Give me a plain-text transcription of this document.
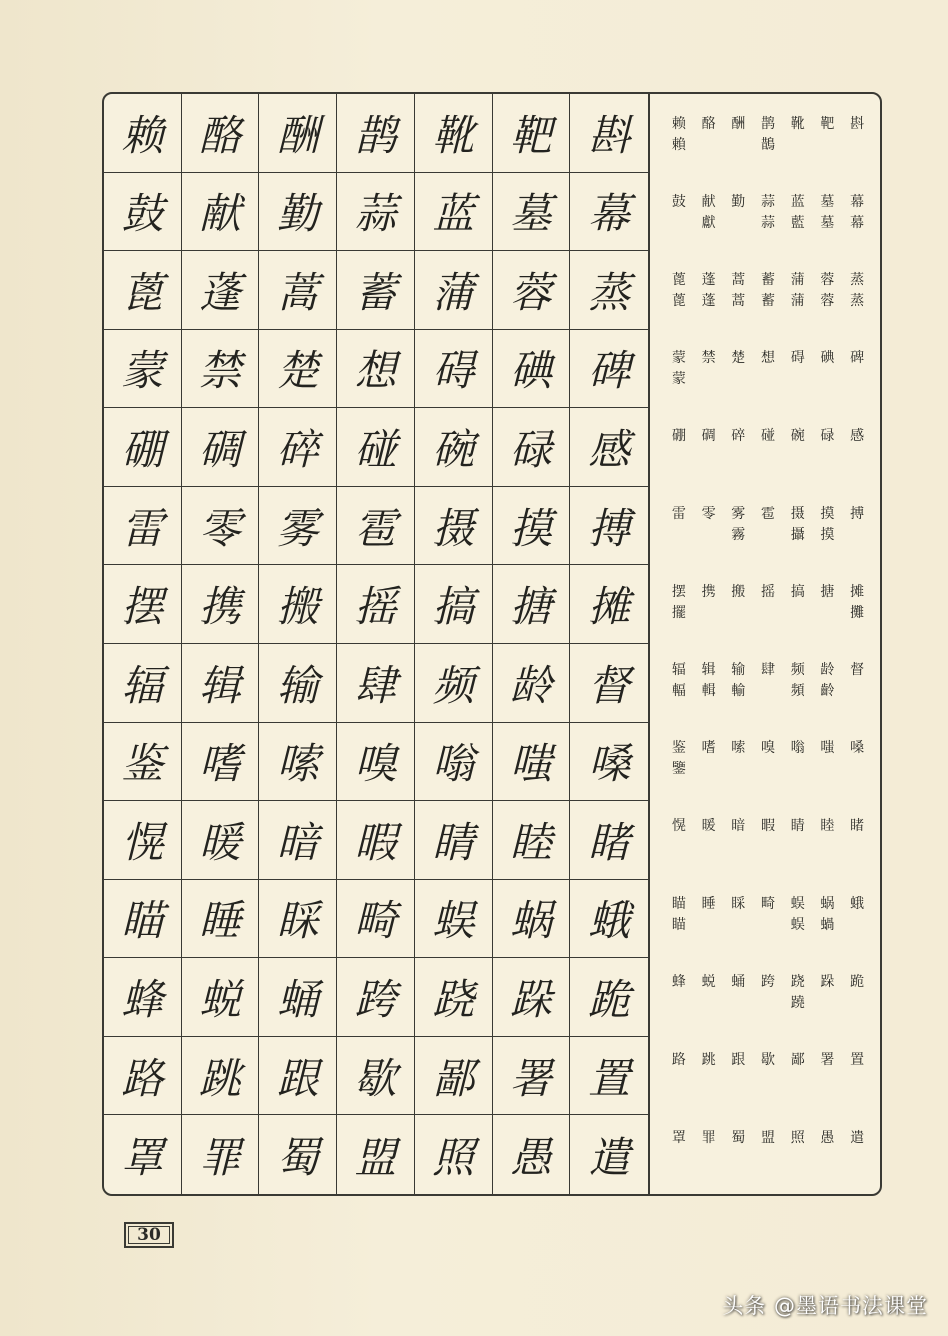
赖 酪 酬 鹊 靴 靶 斟
鼓 献 勤 蒜 蓝 墓 幕
蓖 蓬 蒿 蓄 蒲 蓉 蒸
蒙 禁 楚 想 碍 碘 碑
硼 碉 碎 碰 碗 碌 感
雷 零 雾 雹 摄 摸 搏
摆 携 搬 摇 搞 搪 摊
辐 辑 输 肆 频 龄 督
鉴 嗜 嗦 嗅 嗡 嗤 嗓
愰 暖 暗 暇 睛 睦 睹
瞄 睡 睬 畸 蜈 蜗 蛾
蜂 蜕 蛹 跨 跷 跺 跪
路 跳 跟 歇 鄙 署 置
罩 罪 蜀 盟 照 愚 遣
赖
賴
酪 酬 鹊
鵲
靴 靶 斟
鼓 献
獻
勤 蒜
蒜
蓝
藍
墓
墓
幕
幕
蓖
蓖
蓬
蓬
蒿
蒿
蓄
蓄
蒲
蒲
蓉
蓉
蒸
蒸
蒙
蒙
禁 楚 想 碍 碘 碑
硼 碉 碎 碰 碗 碌 感
雷 零 雾
霧
雹 摄
攝
摸
摸
搏
摆
擺
携 搬 摇 搞 搪 摊
攤
辐
輻
辑
輯
输
輸
肆 频
頻
龄
齡
督
鉴
鑒
嗜 嗦 嗅 嗡 嗤 嗓
愰 暖 暗 暇 睛 睦 睹
瞄
瞄
睡 睬 畸 蜈
蜈
蜗
蝸
蛾
蜂 蜕 蛹 跨 跷
蹺
跺 跪
路 跳 跟 歇 鄙 署 置
罩 罪 蜀 盟 照 愚 遣
30
头条 @墨语书法课堂
